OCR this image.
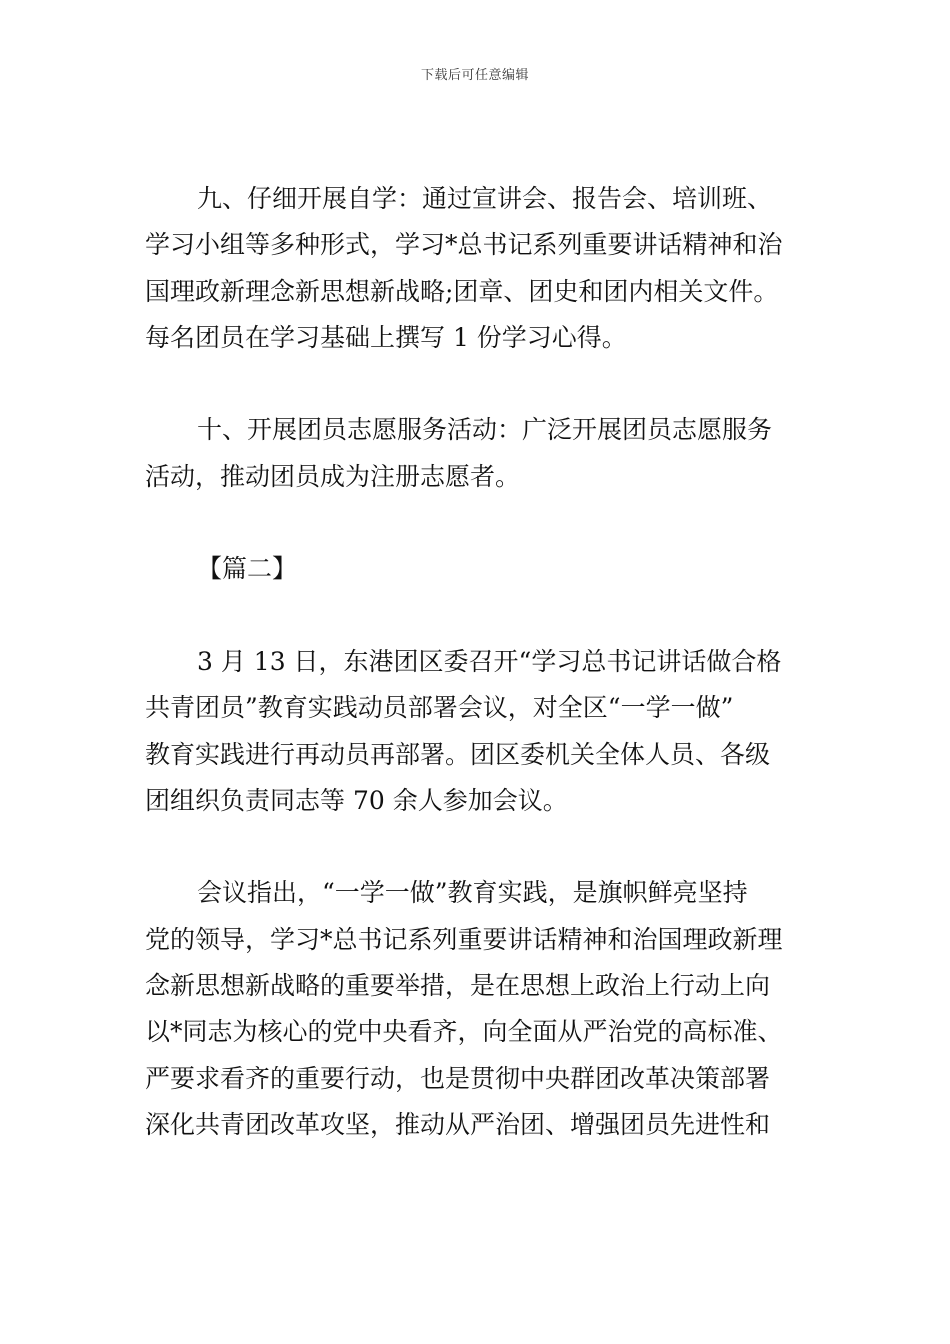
下载后可任意编辑

九、仔细开展自学：通过宣讲会、报告会、培训班、
学习小组等多种形式，学习*总书记系列重要讲话精神和治
国理政新理念新思想新战略;团章、团史和团内相关文件。
每名团员在学习基础上撰写 1 份学习心得。

十、开展团员志愿服务活动：广泛开展团员志愿服务
活动，推动团员成为注册志愿者。

【篇二】

3 月 13 日，东港团区委召开“学习总书记讲话做合格
共青团员”教育实践动员部署会议，对全区“一学一做”
教育实践进行再动员再部署。团区委机关全体人员、各级
团组织负责同志等 70 余人参加会议。

会议指出，“一学一做”教育实践，是旗帜鲜亮坚持
党的领导，学习*总书记系列重要讲话精神和治国理政新理
念新思想新战略的重要举措，是在思想上政治上行动上向
以*同志为核心的党中央看齐，向全面从严治党的高标准、
严要求看齐的重要行动，也是贯彻中央群团改革决策部署
深化共青团改革攻坚，推动从严治团、增强团员先进性和
